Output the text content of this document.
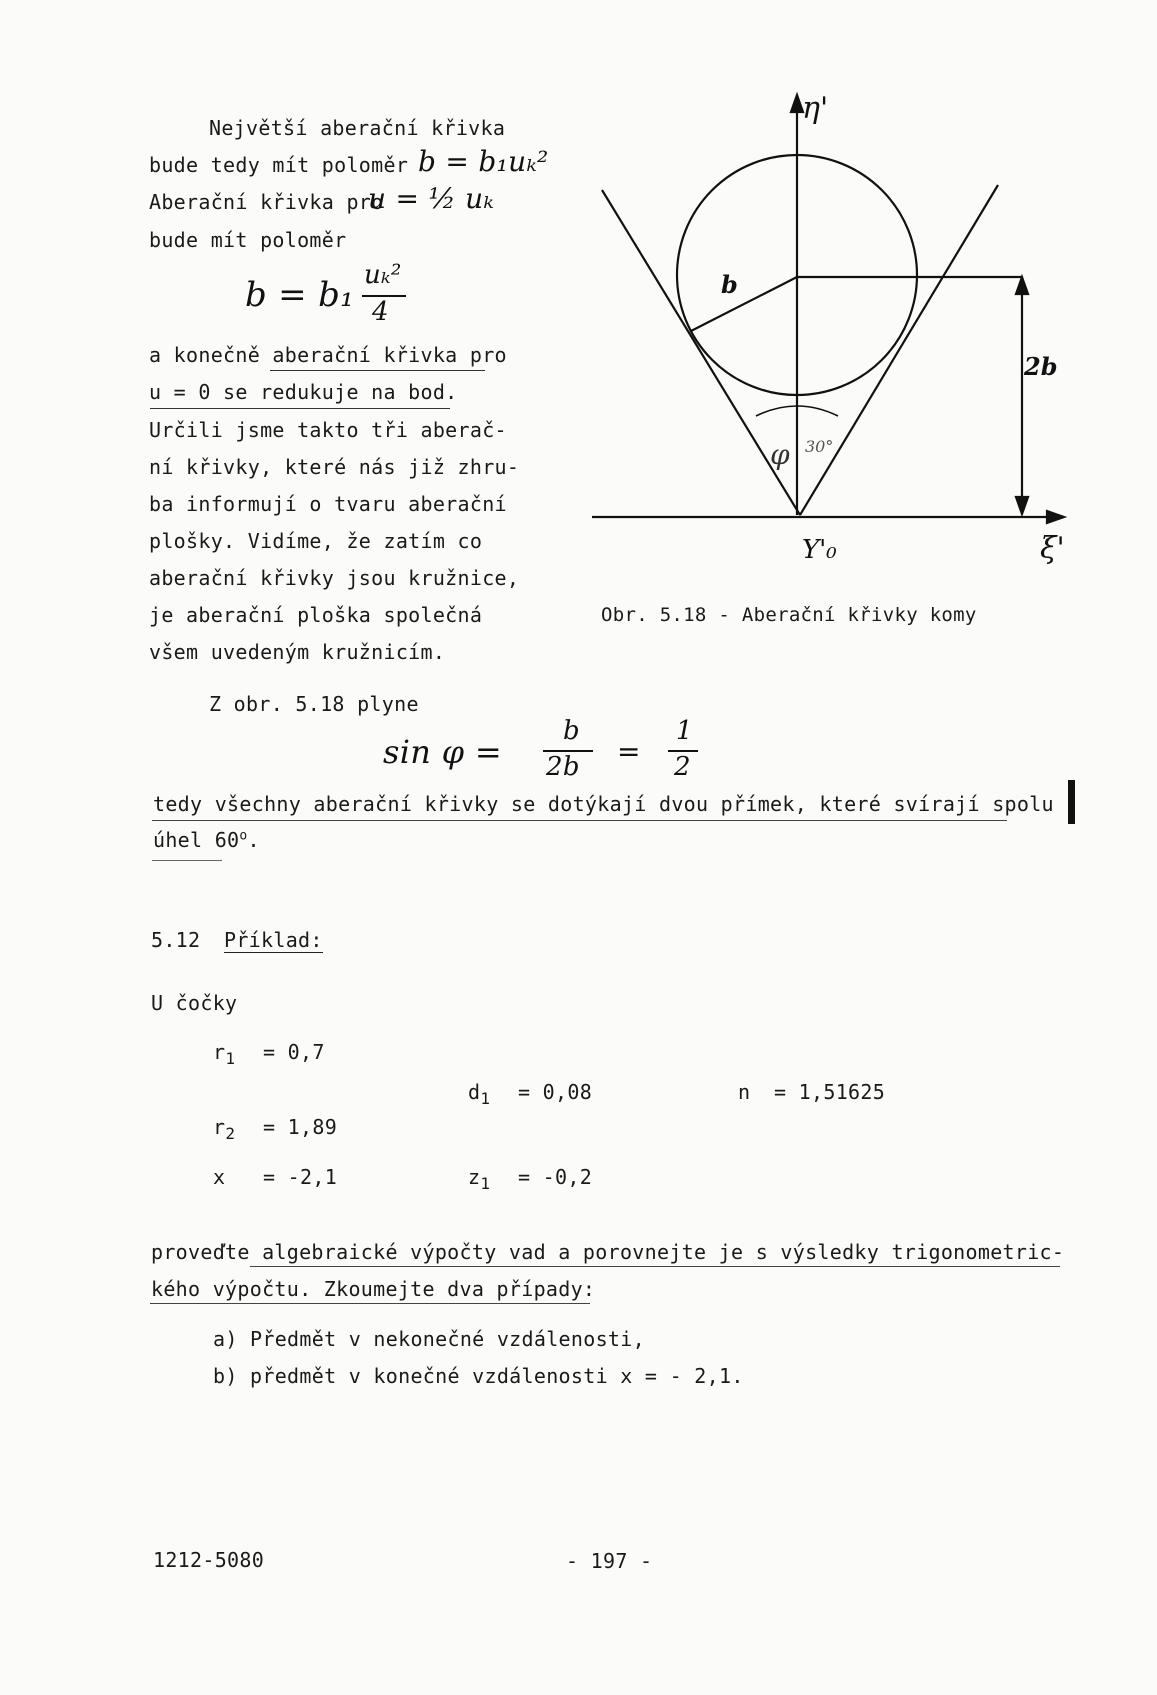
Největší aberační křivka
bude tedy mít poloměr b = b₁uₖ²
Aberační křivka pro
u = ½ uₖ
bude mít poloměr
b = b₁ uₖ²
4
a konečně aberační křivka pro
u = 0 se redukuje na bod.
Určili jsme takto tři aberač-
ní křivky, které nás již zhru-
ba informují o tvaru aberační
plošky. Vidíme, že zatím co
aberační křivky jsou kružnice,
je aberační ploška společná
všem uvedeným kružnicím.
b
2b
φ 30°
η'
ξ'
Y'₀
Obr. 5.18 - Aberační křivky komy
Z obr. 5.18 plyne
sin φ =
b
2b =
1
2
tedy všechny aberační křivky se dotýkají dvou přímek, které svírají spolu
úhel 60$^o$.
5.12 Příklad:
U čočky
$r_1 = 0,7$
$d_1 = 0,08$	n = 1,51625
$r_2 = 1,89$
x = -2,1	$z_1 = -0,2$
proveďte algebraické výpočty vad a porovnejte je s výsledky trigonometric-
kého výpočtu. Zkoumejte dva případy:
a) Předmět v nekonečné vzdálenosti,
b) předmět v konečné vzdálenosti x = - 2,1.
1212-5080	- 197 -
